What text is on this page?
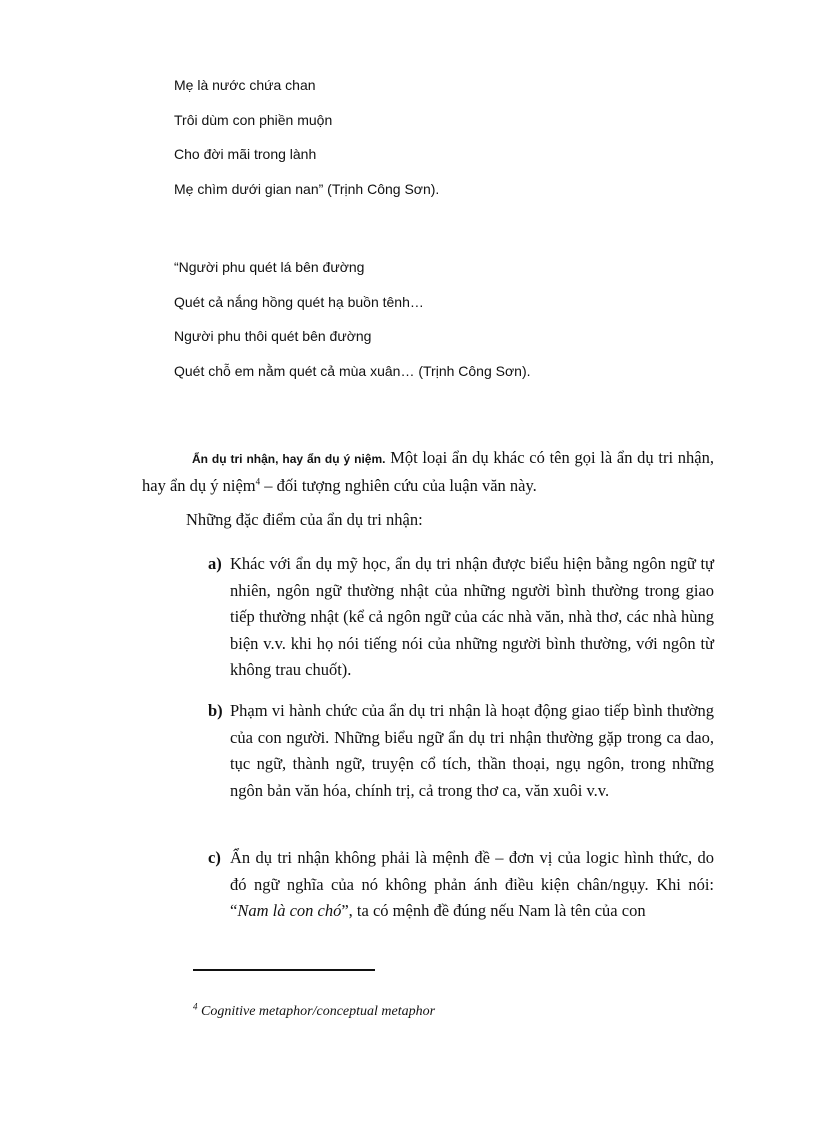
Mẹ là nước chứa chan

Trôi dùm con phiền muộn

Cho đời mãi trong lành

Mẹ chìm dưới gian nan” (Trịnh Công Sơn).

“Người phu quét lá bên đường

Quét cả nắng hồng quét hạ buồn tênh…

Người phu thôi quét bên đường

Quét chỗ em nằm quét cả mùa xuân… (Trịnh Công Sơn).

Ẩn dụ tri nhận, hay ẩn dụ ý niệm. Một loại ẩn dụ khác có tên gọi là ẩn dụ tri nhận, hay ẩn dụ ý niệm$^4$ – đối tượng nghiên cứu của luận văn này.
Những đặc điểm của ẩn dụ tri nhận:
a) Khác với ẩn dụ mỹ học, ẩn dụ tri nhận được biểu hiện bằng ngôn ngữ tự nhiên, ngôn ngữ thường nhật của những người bình thường trong giao tiếp thường nhật (kể cả ngôn ngữ của các nhà văn, nhà thơ, các nhà hùng biện v.v. khi họ nói tiếng nói của những người bình thường, với ngôn từ không trau chuốt).
b) Phạm vi hành chức của ẩn dụ tri nhận là hoạt động giao tiếp bình thường của con người. Những biểu ngữ ẩn dụ tri nhận thường gặp trong ca dao, tục ngữ, thành ngữ, truyện cổ tích, thần thoại, ngụ ngôn, trong những ngôn bản văn hóa, chính trị, cả trong thơ ca, văn xuôi v.v.
c) Ẩn dụ tri nhận không phải là mệnh đề – đơn vị của logic hình thức, do đó ngữ nghĩa của nó không phản ánh điều kiện chân/ngụy. Khi nói: “Nam là con chó”, ta có mệnh đề đúng nếu Nam là tên của con
$^4$ Cognitive metaphor/conceptual metaphor
